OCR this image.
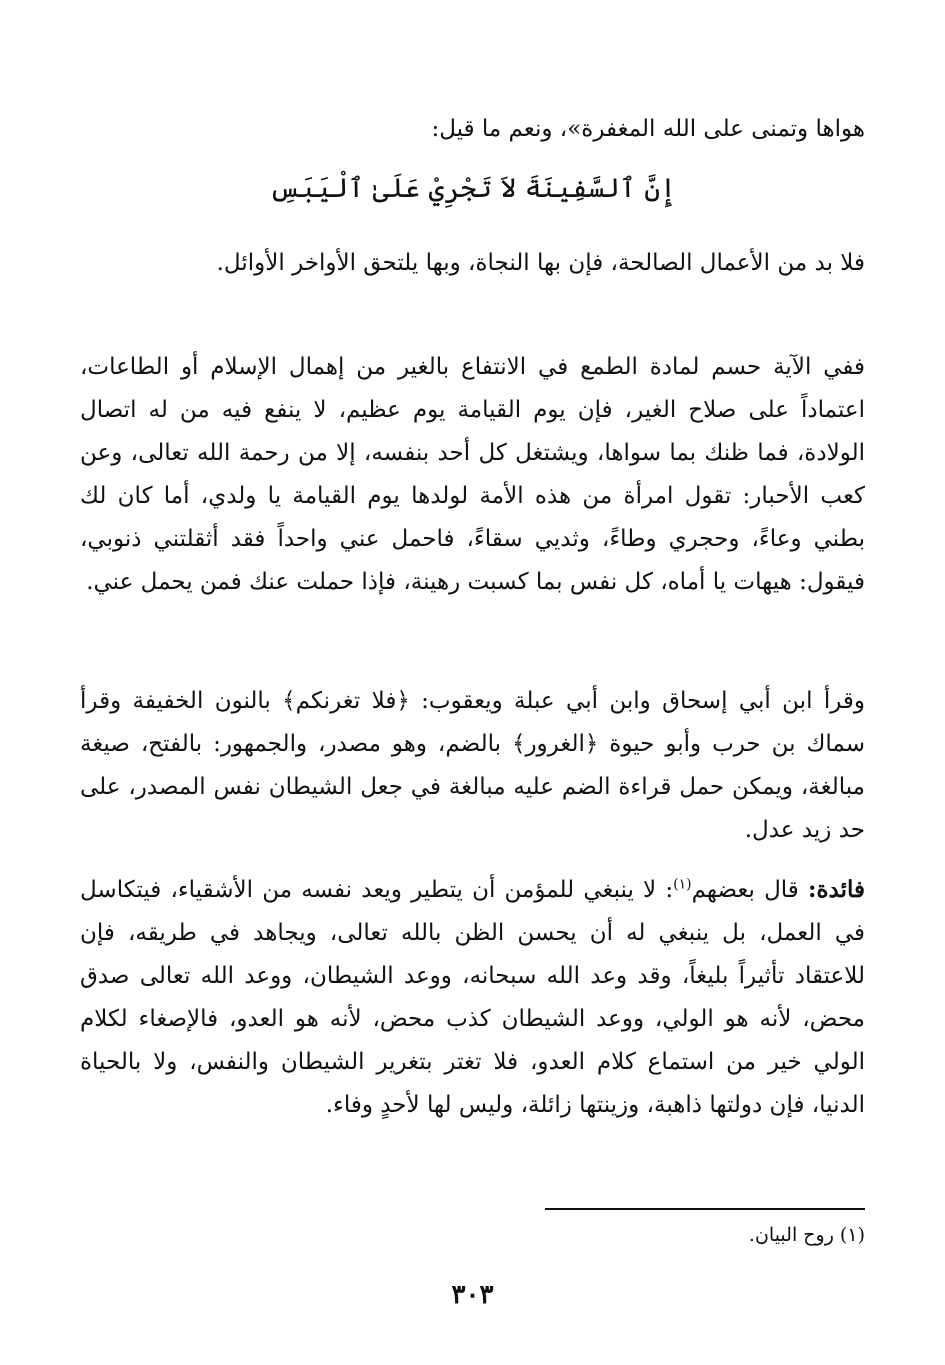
هواها وتمنى على الله المغفرة»، ونعم ما قيل:

إِنَّ ٱلسَّفِينَةَ لاَ تَجْرِيْ عَلَىٰ ٱلْيَبَسِ

فلا بد من الأعمال الصالحة، فإن بها النجاة، وبها يلتحق الأواخر الأوائل.

ففي الآية حسم لمادة الطمع في الانتفاع بالغير من إهمال الإسلام أو الطاعات، اعتماداً على صلاح الغير، فإن يوم القيامة يوم عظيم، لا ينفع فيه من له اتصال الولادة، فما ظنك بما سواها، ويشتغل كل أحد بنفسه، إلا من رحمة الله تعالى، وعن كعب الأحبار: تقول امرأة من هذه الأمة لولدها يوم القيامة يا ولدي، أما كان لك بطني وعاءً، وحجري وطاءً، وثديي سقاءً، فاحمل عني واحداً فقد أثقلتني ذنوبي، فيقول: هيهات يا أماه، كل نفس بما كسبت رهينة، فإذا حملت عنك فمن يحمل عني.

وقرأ ابن أبي إسحاق وابن أبي عبلة ويعقوب: ﴿فلا تغرنكم﴾ بالنون الخفيفة وقرأ سماك بن حرب وأبو حيوة ﴿الغرور﴾ بالضم، وهو مصدر، والجمهور: بالفتح، صيغة مبالغة، ويمكن حمل قراءة الضم عليه مبالغة في جعل الشيطان نفس المصدر، على حد زيد عدل.

فائدة: قال بعضهم$^{(١)}$: لا ينبغي للمؤمن أن يتطير ويعد نفسه من الأشقياء، فيتكاسل في العمل، بل ينبغي له أن يحسن الظن بالله تعالى، ويجاهد في طريقه، فإن للاعتقاد تأثيراً بليغاً، وقد وعد الله سبحانه، ووعد الشيطان، ووعد الله تعالى صدق محض، لأنه هو الولي، ووعد الشيطان كذب محض، لأنه هو العدو، فالإصغاء لكلام الولي خير من استماع كلام العدو، فلا تغتر بتغرير الشيطان والنفس، ولا بالحياة الدنيا، فإن دولتها ذاهبة، وزينتها زائلة، وليس لها لأحدٍ وفاء.

(١) روح البيان.
٣٠٣
